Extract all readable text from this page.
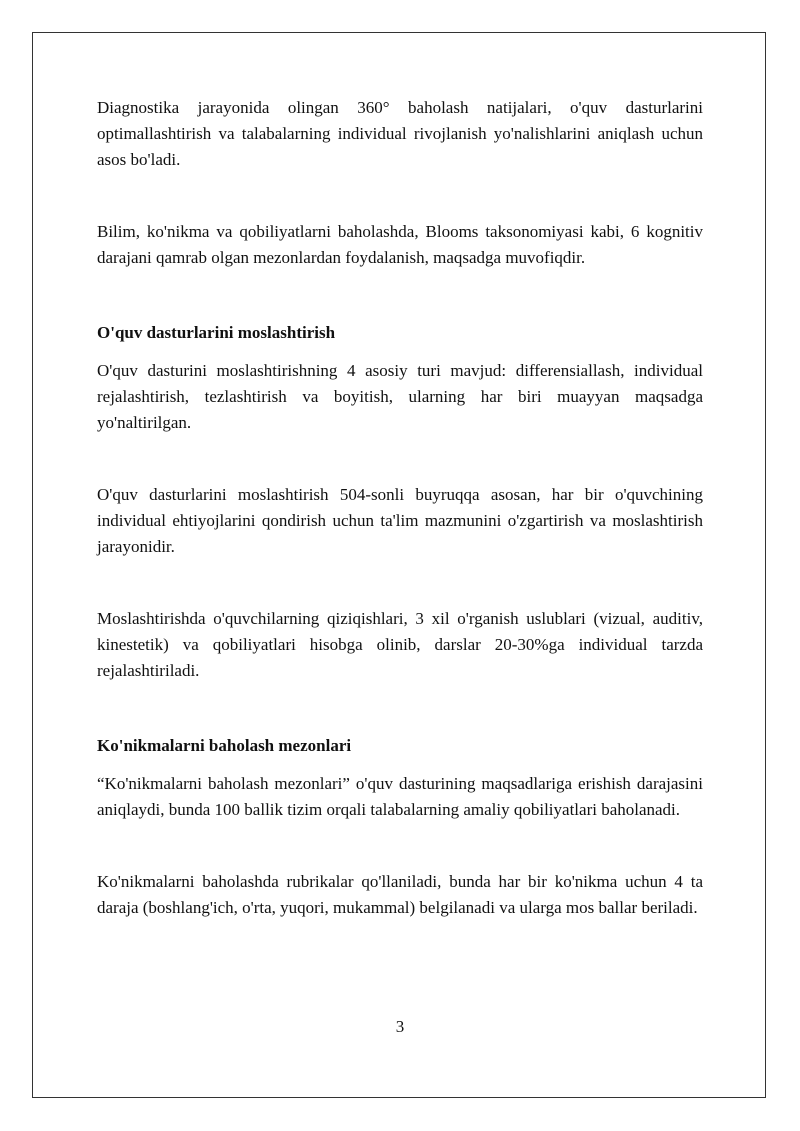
Diagnostika jarayonida olingan 360° baholash natijalari, o'quv dasturlarini optimallashtirish va talabalarning individual rivojlanish yo'nalishlarini aniqlash uchun asos bo'ladi.

Bilim, ko'nikma va qobiliyatlarni baholashda, Blooms taksonomiyasi kabi, 6 kognitiv darajani qamrab olgan mezonlardan foydalanish, maqsadga muvofiqdir.

O'quv dasturlarini moslashtirish

O'quv dasturini moslashtirishning 4 asosiy turi mavjud: differensiallash, individual rejalashtirish, tezlashtirish va boyitish, ularning har biri muayyan maqsadga yo'naltirilgan.

O'quv dasturlarini moslashtirish 504-sonli buyruqqa asosan, har bir o'quvchining individual ehtiyojlarini qondirish uchun ta'lim mazmunini o'zgartirish va moslashtirish jarayonidir.

Moslashtirishda o'quvchilarning qiziqishlari, 3 xil o'rganish uslublari (vizual, auditiv, kinestetik) va qobiliyatlari hisobga olinib, darslar 20-30%ga individual tarzda rejalashtiriladi.

Ko'nikmalarni baholash mezonlari

“Ko'nikmalarni baholash mezonlari” o'quv dasturining maqsadlariga erishish darajasini aniqlaydi, bunda 100 ballik tizim orqali talabalarning amaliy qobiliyatlari baholanadi.

Ko'nikmalarni baholashda rubrikalar qo'llaniladi, bunda har bir ko'nikma uchun 4 ta daraja (boshlang'ich, o'rta, yuqori, mukammal) belgilanadi va ularga mos ballar beriladi.

3
